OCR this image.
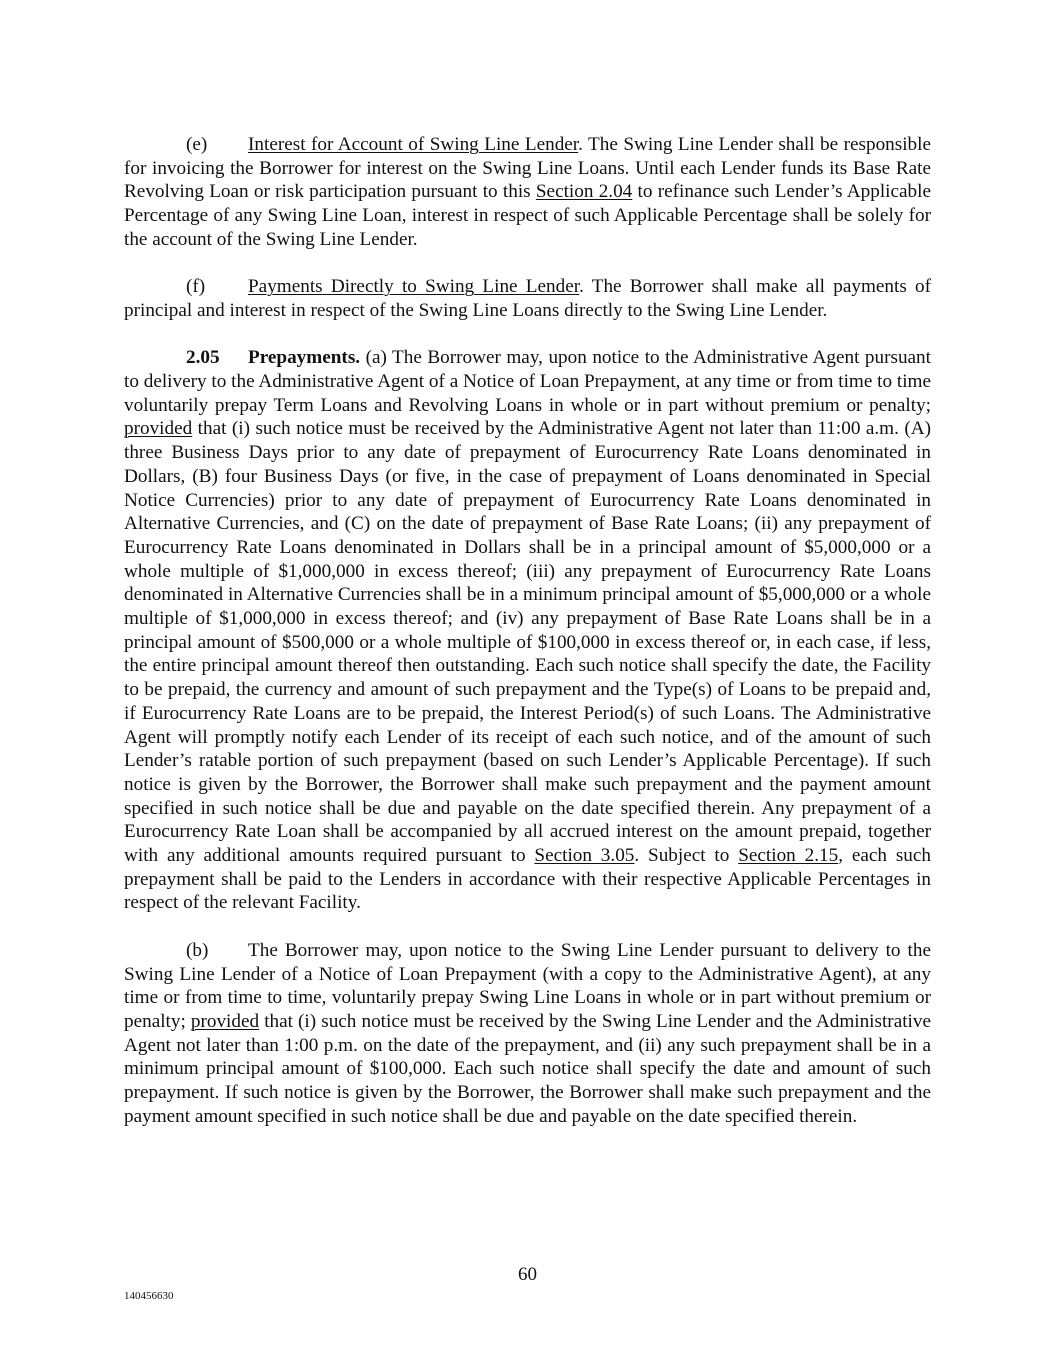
(e) Interest for Account of Swing Line Lender. The Swing Line Lender shall be responsible for invoicing the Borrower for interest on the Swing Line Loans. Until each Lender funds its Base Rate Revolving Loan or risk participation pursuant to this Section 2.04 to refinance such Lender’s Applicable Percentage of any Swing Line Loan, interest in respect of such Applicable Percentage shall be solely for the account of the Swing Line Lender.

(f) Payments Directly to Swing Line Lender. The Borrower shall make all payments of principal and interest in respect of the Swing Line Loans directly to the Swing Line Lender.

2.05 Prepayments. (a) The Borrower may, upon notice to the Administrative Agent pursuant to delivery to the Administrative Agent of a Notice of Loan Prepayment, at any time or from time to time voluntarily prepay Term Loans and Revolving Loans in whole or in part without premium or penalty; provided that (i) such notice must be received by the Administrative Agent not later than 11:00 a.m. (A) three Business Days prior to any date of prepayment of Eurocurrency Rate Loans denominated in Dollars, (B) four Business Days (or five, in the case of prepayment of Loans denominated in Special Notice Currencies) prior to any date of prepayment of Eurocurrency Rate Loans denominated in Alternative Currencies, and (C) on the date of prepayment of Base Rate Loans; (ii) any prepayment of Eurocurrency Rate Loans denominated in Dollars shall be in a principal amount of $5,000,000 or a whole multiple of $1,000,000 in excess thereof; (iii) any prepayment of Eurocurrency Rate Loans denominated in Alternative Currencies shall be in a minimum principal amount of $5,000,000 or a whole multiple of $1,000,000 in excess thereof; and (iv) any prepayment of Base Rate Loans shall be in a principal amount of $500,000 or a whole multiple of $100,000 in excess thereof or, in each case, if less, the entire principal amount thereof then outstanding. Each such notice shall specify the date, the Facility to be prepaid, the currency and amount of such prepayment and the Type(s) of Loans to be prepaid and, if Eurocurrency Rate Loans are to be prepaid, the Interest Period(s) of such Loans. The Administrative Agent will promptly notify each Lender of its receipt of each such notice, and of the amount of such Lender’s ratable portion of such prepayment (based on such Lender’s Applicable Percentage). If such notice is given by the Borrower, the Borrower shall make such prepayment and the payment amount specified in such notice shall be due and payable on the date specified therein. Any prepayment of a Eurocurrency Rate Loan shall be accompanied by all accrued interest on the amount prepaid, together with any additional amounts required pursuant to Section 3.05. Subject to Section 2.15, each such prepayment shall be paid to the Lenders in accordance with their respective Applicable Percentages in respect of the relevant Facility.

(b) The Borrower may, upon notice to the Swing Line Lender pursuant to delivery to the Swing Line Lender of a Notice of Loan Prepayment (with a copy to the Administrative Agent), at any time or from time to time, voluntarily prepay Swing Line Loans in whole or in part without premium or penalty; provided that (i) such notice must be received by the Swing Line Lender and the Administrative Agent not later than 1:00 p.m. on the date of the prepayment, and (ii) any such prepayment shall be in a minimum principal amount of $100,000. Each such notice shall specify the date and amount of such prepayment. If such notice is given by the Borrower, the Borrower shall make such prepayment and the payment amount specified in such notice shall be due and payable on the date specified therein.

60
140456630
